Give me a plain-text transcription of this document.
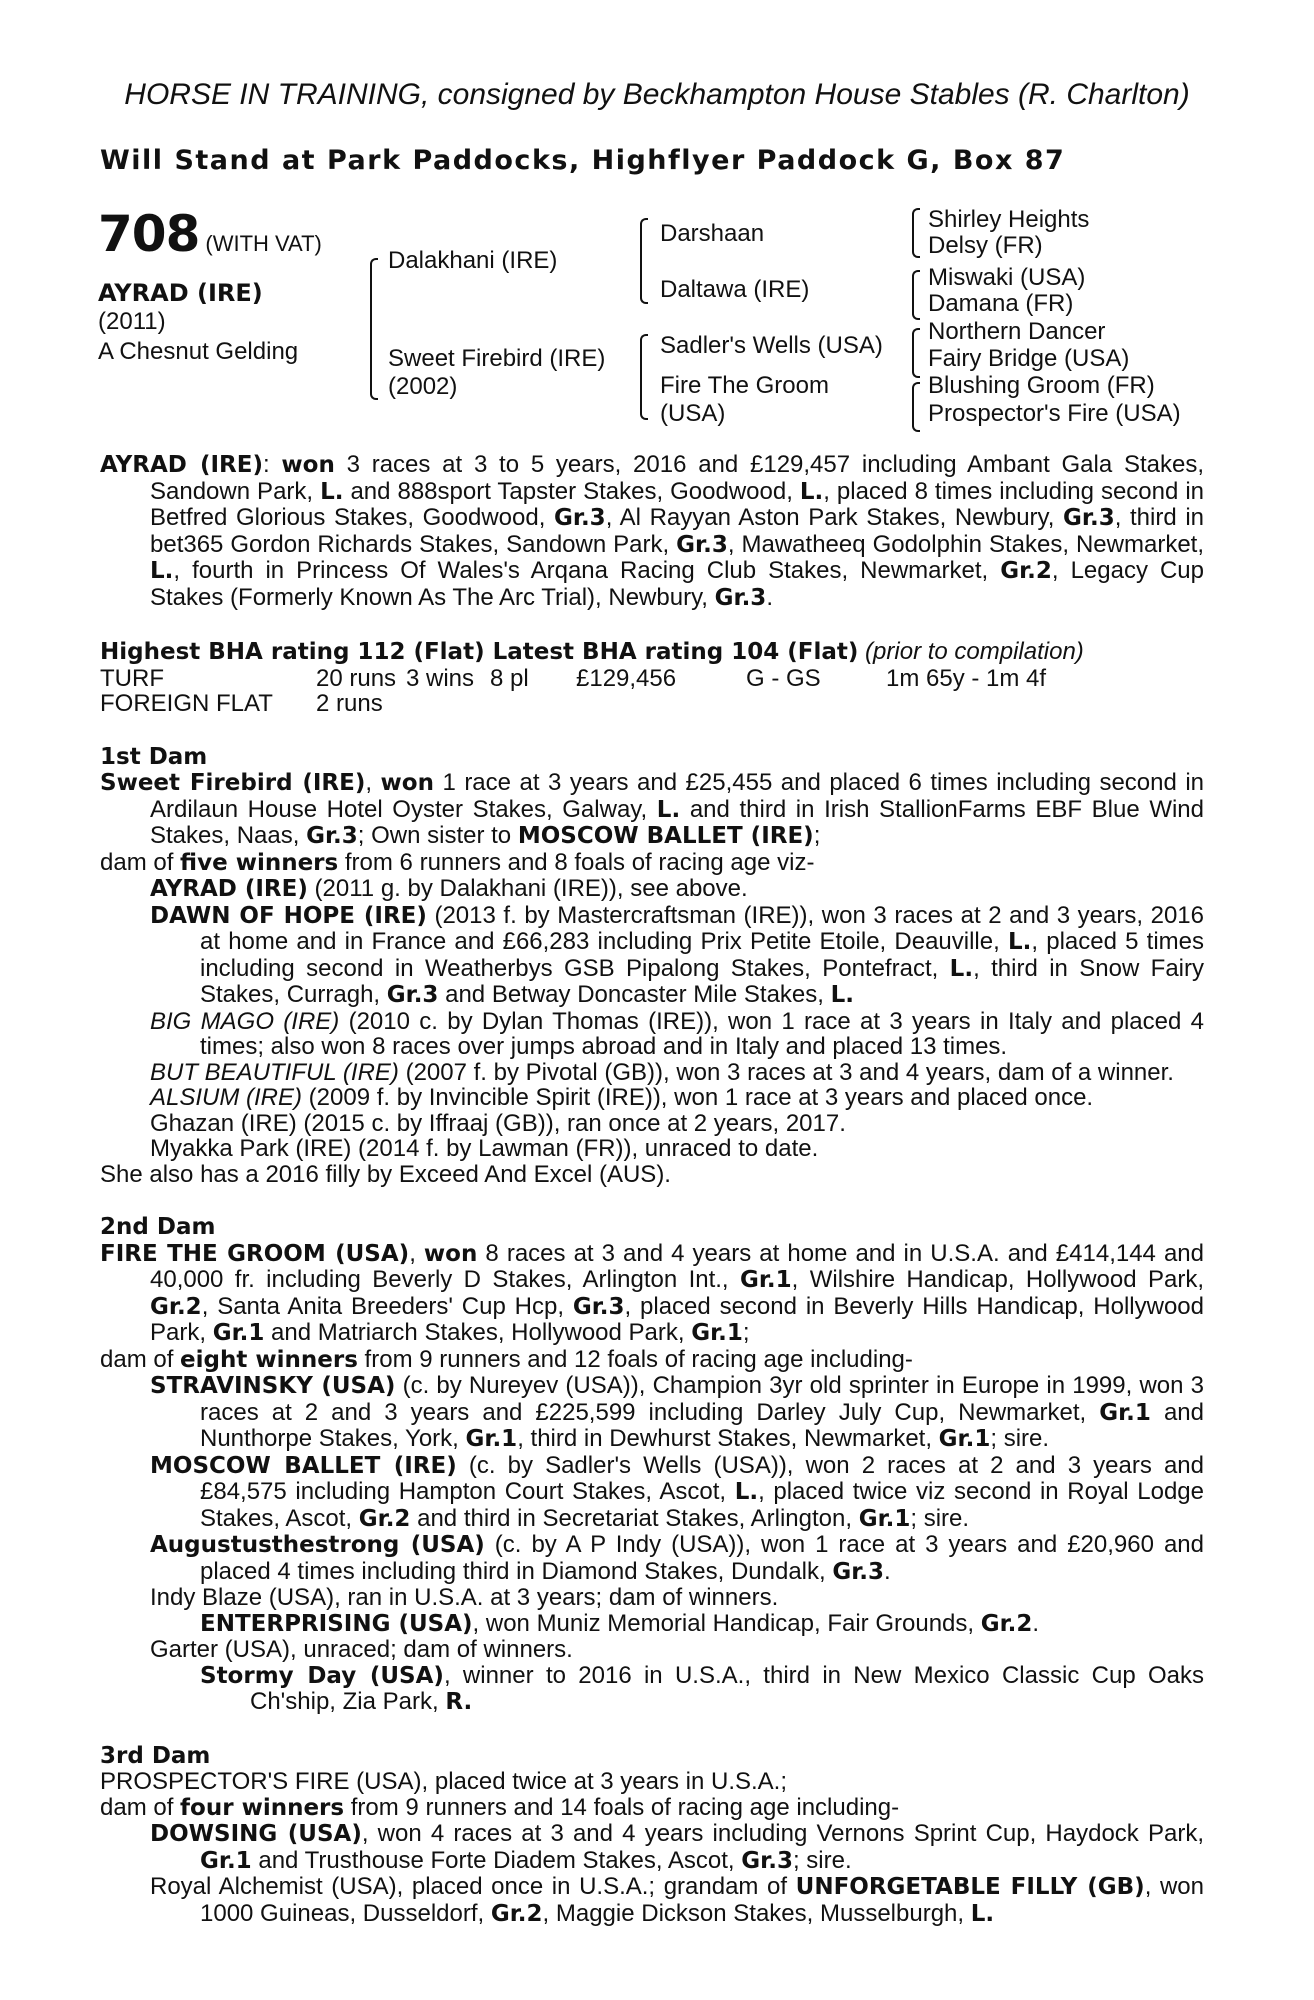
HORSE IN TRAINING, consigned by Beckhampton House Stables (R. Charlton)
Will Stand at Park Paddocks, Highflyer Paddock G, Box 87
708 (WITH VAT)
AYRAD (IRE)
(2011)
A Chesnut Gelding
Dalakhani (IRE)
Sweet Firebird (IRE)
(2002)
Darshaan
Daltawa (IRE)
Sadler's Wells (USA)
Fire The Groom
(USA)
Shirley Heights
Delsy (FR)
Miswaki (USA)
Damana (FR)
Northern Dancer
Fairy Bridge (USA)
Blushing Groom (FR)
Prospector's Fire (USA)
AYRAD (IRE): won 3 races at 3 to 5 years, 2016 and £129,457 including Ambant Gala Stakes, Sandown Park, L. and 888sport Tapster Stakes, Goodwood, L., placed 8 times including second in Betfred Glorious Stakes, Goodwood, Gr.3, Al Rayyan Aston Park Stakes, Newbury, Gr.3, third in bet365 Gordon Richards Stakes, Sandown Park, Gr.3, Mawatheeq Godolphin Stakes, Newmarket, L., fourth in Princess Of Wales's Arqana Racing Club Stakes, Newmarket, Gr.2, Legacy Cup Stakes (Formerly Known As The Arc Trial), Newbury, Gr.3.
Highest BHA rating 112 (Flat) Latest BHA rating 104 (Flat) (prior to compilation)
TURF	20 runs 3 wins 8 pl	£129,456	G - GS	1m 65y - 1m 4f
FOREIGN FLAT	2 runs
1st Dam
Sweet Firebird (IRE), won 1 race at 3 years and £25,455 and placed 6 times including second in Ardilaun House Hotel Oyster Stakes, Galway, L. and third in Irish StallionFarms EBF Blue Wind Stakes, Naas, Gr.3; Own sister to MOSCOW BALLET (IRE);
dam of five winners from 6 runners and 8 foals of racing age viz-
AYRAD (IRE) (2011 g. by Dalakhani (IRE)), see above.
DAWN OF HOPE (IRE) (2013 f. by Mastercraftsman (IRE)), won 3 races at 2 and 3 years, 2016 at home and in France and £66,283 including Prix Petite Etoile, Deauville, L., placed 5 times including second in Weatherbys GSB Pipalong Stakes, Pontefract, L., third in Snow Fairy Stakes, Curragh, Gr.3 and Betway Doncaster Mile Stakes, L.
BIG MAGO (IRE) (2010 c. by Dylan Thomas (IRE)), won 1 race at 3 years in Italy and placed 4 times; also won 8 races over jumps abroad and in Italy and placed 13 times.
BUT BEAUTIFUL (IRE) (2007 f. by Pivotal (GB)), won 3 races at 3 and 4 years, dam of a winner.
ALSIUM (IRE) (2009 f. by Invincible Spirit (IRE)), won 1 race at 3 years and placed once.
Ghazan (IRE) (2015 c. by Iffraaj (GB)), ran once at 2 years, 2017.
Myakka Park (IRE) (2014 f. by Lawman (FR)), unraced to date.
She also has a 2016 filly by Exceed And Excel (AUS).
2nd Dam
FIRE THE GROOM (USA), won 8 races at 3 and 4 years at home and in U.S.A. and £414,144 and 40,000 fr. including Beverly D Stakes, Arlington Int., Gr.1, Wilshire Handicap, Hollywood Park, Gr.2, Santa Anita Breeders' Cup Hcp, Gr.3, placed second in Beverly Hills Handicap, Hollywood Park, Gr.1 and Matriarch Stakes, Hollywood Park, Gr.1;
dam of eight winners from 9 runners and 12 foals of racing age including-
STRAVINSKY (USA) (c. by Nureyev (USA)), Champion 3yr old sprinter in Europe in 1999, won 3 races at 2 and 3 years and £225,599 including Darley July Cup, Newmarket, Gr.1 and Nunthorpe Stakes, York, Gr.1, third in Dewhurst Stakes, Newmarket, Gr.1; sire.
MOSCOW BALLET (IRE) (c. by Sadler's Wells (USA)), won 2 races at 2 and 3 years and £84,575 including Hampton Court Stakes, Ascot, L., placed twice viz second in Royal Lodge Stakes, Ascot, Gr.2 and third in Secretariat Stakes, Arlington, Gr.1; sire.
Augustusthestrong (USA) (c. by A P Indy (USA)), won 1 race at 3 years and £20,960 and placed 4 times including third in Diamond Stakes, Dundalk, Gr.3.
Indy Blaze (USA), ran in U.S.A. at 3 years; dam of winners.
ENTERPRISING (USA), won Muniz Memorial Handicap, Fair Grounds, Gr.2.
Garter (USA), unraced; dam of winners.
Stormy Day (USA), winner to 2016 in U.S.A., third in New Mexico Classic Cup Oaks Ch'ship, Zia Park, R.
3rd Dam
PROSPECTOR'S FIRE (USA), placed twice at 3 years in U.S.A.;
dam of four winners from 9 runners and 14 foals of racing age including-
DOWSING (USA), won 4 races at 3 and 4 years including Vernons Sprint Cup, Haydock Park, Gr.1 and Trusthouse Forte Diadem Stakes, Ascot, Gr.3; sire.
Royal Alchemist (USA), placed once in U.S.A.; grandam of UNFORGETABLE FILLY (GB), won 1000 Guineas, Dusseldorf, Gr.2, Maggie Dickson Stakes, Musselburgh, L.
